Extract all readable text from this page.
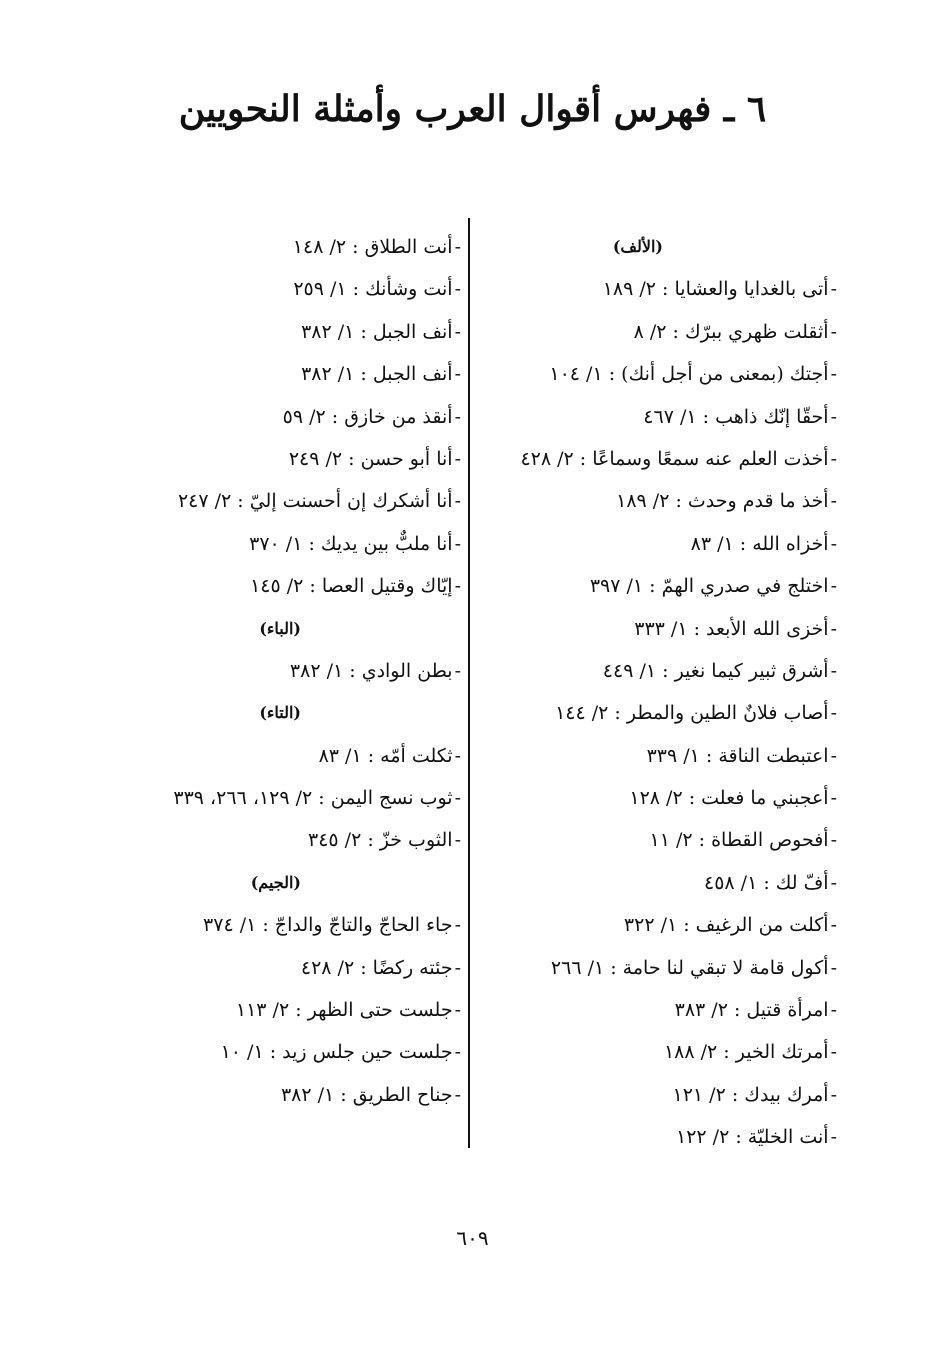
٦ ـ فهرس أقوال العرب وأمثلة النحويين
(الألف)
‐ أتى بالغدايا والعشايا : ٢/ ١٨٩
‐ أثقلت ظهري ببرّك : ٢/ ٨
‐ أجتك (بمعنى من أجل أنك) : ١/ ١٠٤
‐ أحقّا إنّك ذاهب : ١/ ٤٦٧
‐ أخذت العلم عنه سمعًا وسماعًا : ٢/ ٤٢٨
‐ أخذ ما قدم وحدث : ٢/ ١٨٩
‐ أخزاه الله : ١/ ٨٣
‐ اختلج في صدري الهمّ : ١/ ٣٩٧
‐ أخزى الله الأبعد : ١/ ٣٣٣
‐ أشرق ثبير كيما نغير : ١/ ٤٤٩
‐ أصاب فلانٌ الطين والمطر : ٢/ ١٤٤
‐ اعتبطت الناقة : ١/ ٣٣٩
‐ أعجبني ما فعلت : ٢/ ١٢٨
‐ أفحوص القطاة : ٢/ ١١
‐ أفّ لك : ١/ ٤٥٨
‐ أكلت من الرغيف : ١/ ٣٢٢
‐ أكول قامة لا تبقي لنا حامة : ١/ ٢٦٦
‐ امرأة قتيل : ٢/ ٣٨٣
‐ أمرتك الخير : ٢/ ١٨٨
‐ أمرك بيدك : ٢/ ١٢١
‐ أنت الخليّة : ٢/ ١٢٢
‐ أنت الطلاق : ٢/ ١٤٨
‐ أنت وشأنك : ١/ ٢٥٩
‐ أنف الجبل : ١/ ٣٨٢
‐ أنف الجبل : ١/ ٣٨٢
‐ أنقذ من خازق : ٢/ ٥٩
‐ أنا أبو حسن : ٢/ ٢٤٩
‐ أنا أشكرك إن أحسنت إليّ : ٢/ ٢٤٧
‐ أنا ملبٌّ بين يديك : ١/ ٣٧٠
‐ إيّاك وقتيل العصا : ٢/ ١٤٥
(الباء)
‐ بطن الوادي : ١/ ٣٨٢
(التاء)
‐ ثكلت أمّه : ١/ ٨٣
‐ ثوب نسج اليمن : ٢/ ١٢٩، ٢٦٦، ٣٣٩
‐ الثوب خزّ : ٢/ ٣٤٥
(الجيم)
‐ جاء الحاجّ والتاجّ والداجّ : ١/ ٣٧٤
‐ جئته ركضًا : ٢/ ٤٢٨
‐ جلست حتى الظهر : ٢/ ١١٣
‐ جلست حين جلس زيد : ١/ ١٠
‐ جناح الطريق : ١/ ٣٨٢
٦٠٩
